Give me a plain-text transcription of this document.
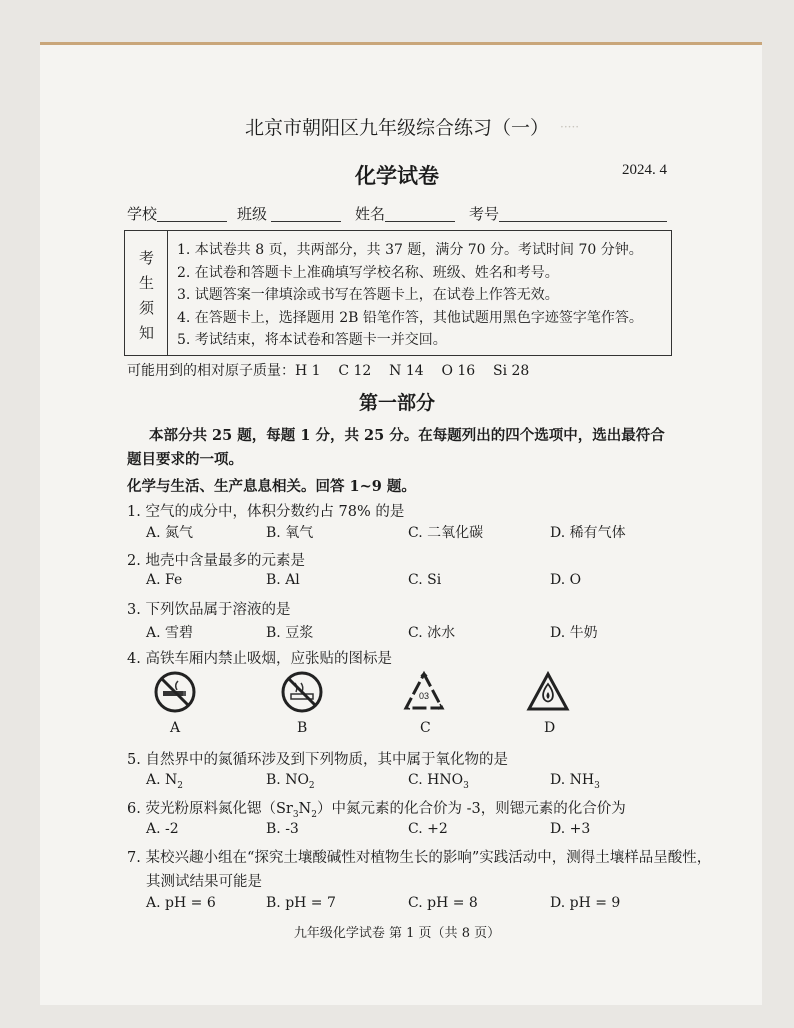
·····
北京市朝阳区九年级综合练习（一）
化学试卷	2024. 4
学校	班级	姓名	考号
考
生
须
知
1. 本试卷共 8 页，共两部分，共 37 题，满分 70 分。考试时间 70 分钟。
2. 在试卷和答题卡上准确填写学校名称、班级、姓名和考号。
3. 试题答案一律填涂或书写在答题卡上，在试卷上作答无效。
4. 在答题卡上，选择题用 2B 铅笔作答，其他试题用黑色字迹签字笔作答。
5. 考试结束，将本试卷和答题卡一并交回。
可能用到的相对原子质量：H 1    C 12    N 14    O 16    Si 28
第一部分
本部分共 25 题，每题 1 分，共 25 分。在每题列出的四个选项中，选出最符合题目要求的一项。
化学与生活、生产息息相关。回答 1~9 题。
1. 空气的成分中，体积分数约占 78% 的是
A. 氮气	B. 氧气	C. 二氧化碳	D. 稀有气体
2. 地壳中含量最多的元素是
A. Fe	B. Al	C. Si	D. O
3. 下列饮品属于溶液的是
A. 雪碧	B. 豆浆	C. 冰水	D. 牛奶
4. 高铁车厢内禁止吸烟，应张贴的图标是
A	B
03
C	D
5. 自然界中的氮循环涉及到下列物质，其中属于氧化物的是
A. $N_2$	B. $NO_2$	C. $HNO_3$	D. $NH_3$
6. 荧光粉原料氮化锶$(Sr_3N_2)$中氮元素的化合价为 -3，则锶元素的化合价为
A. -2	B. -3	C. +2	D. +3
7. 某校兴趣小组在“探究土壤酸碱性对植物生长的影响”实践活动中，测得土壤样品呈酸性，
其测试结果可能是
A. pH = 6	B. pH = 7	C. pH = 8	D. pH = 9
九年级化学试卷 第 1 页（共 8 页）
